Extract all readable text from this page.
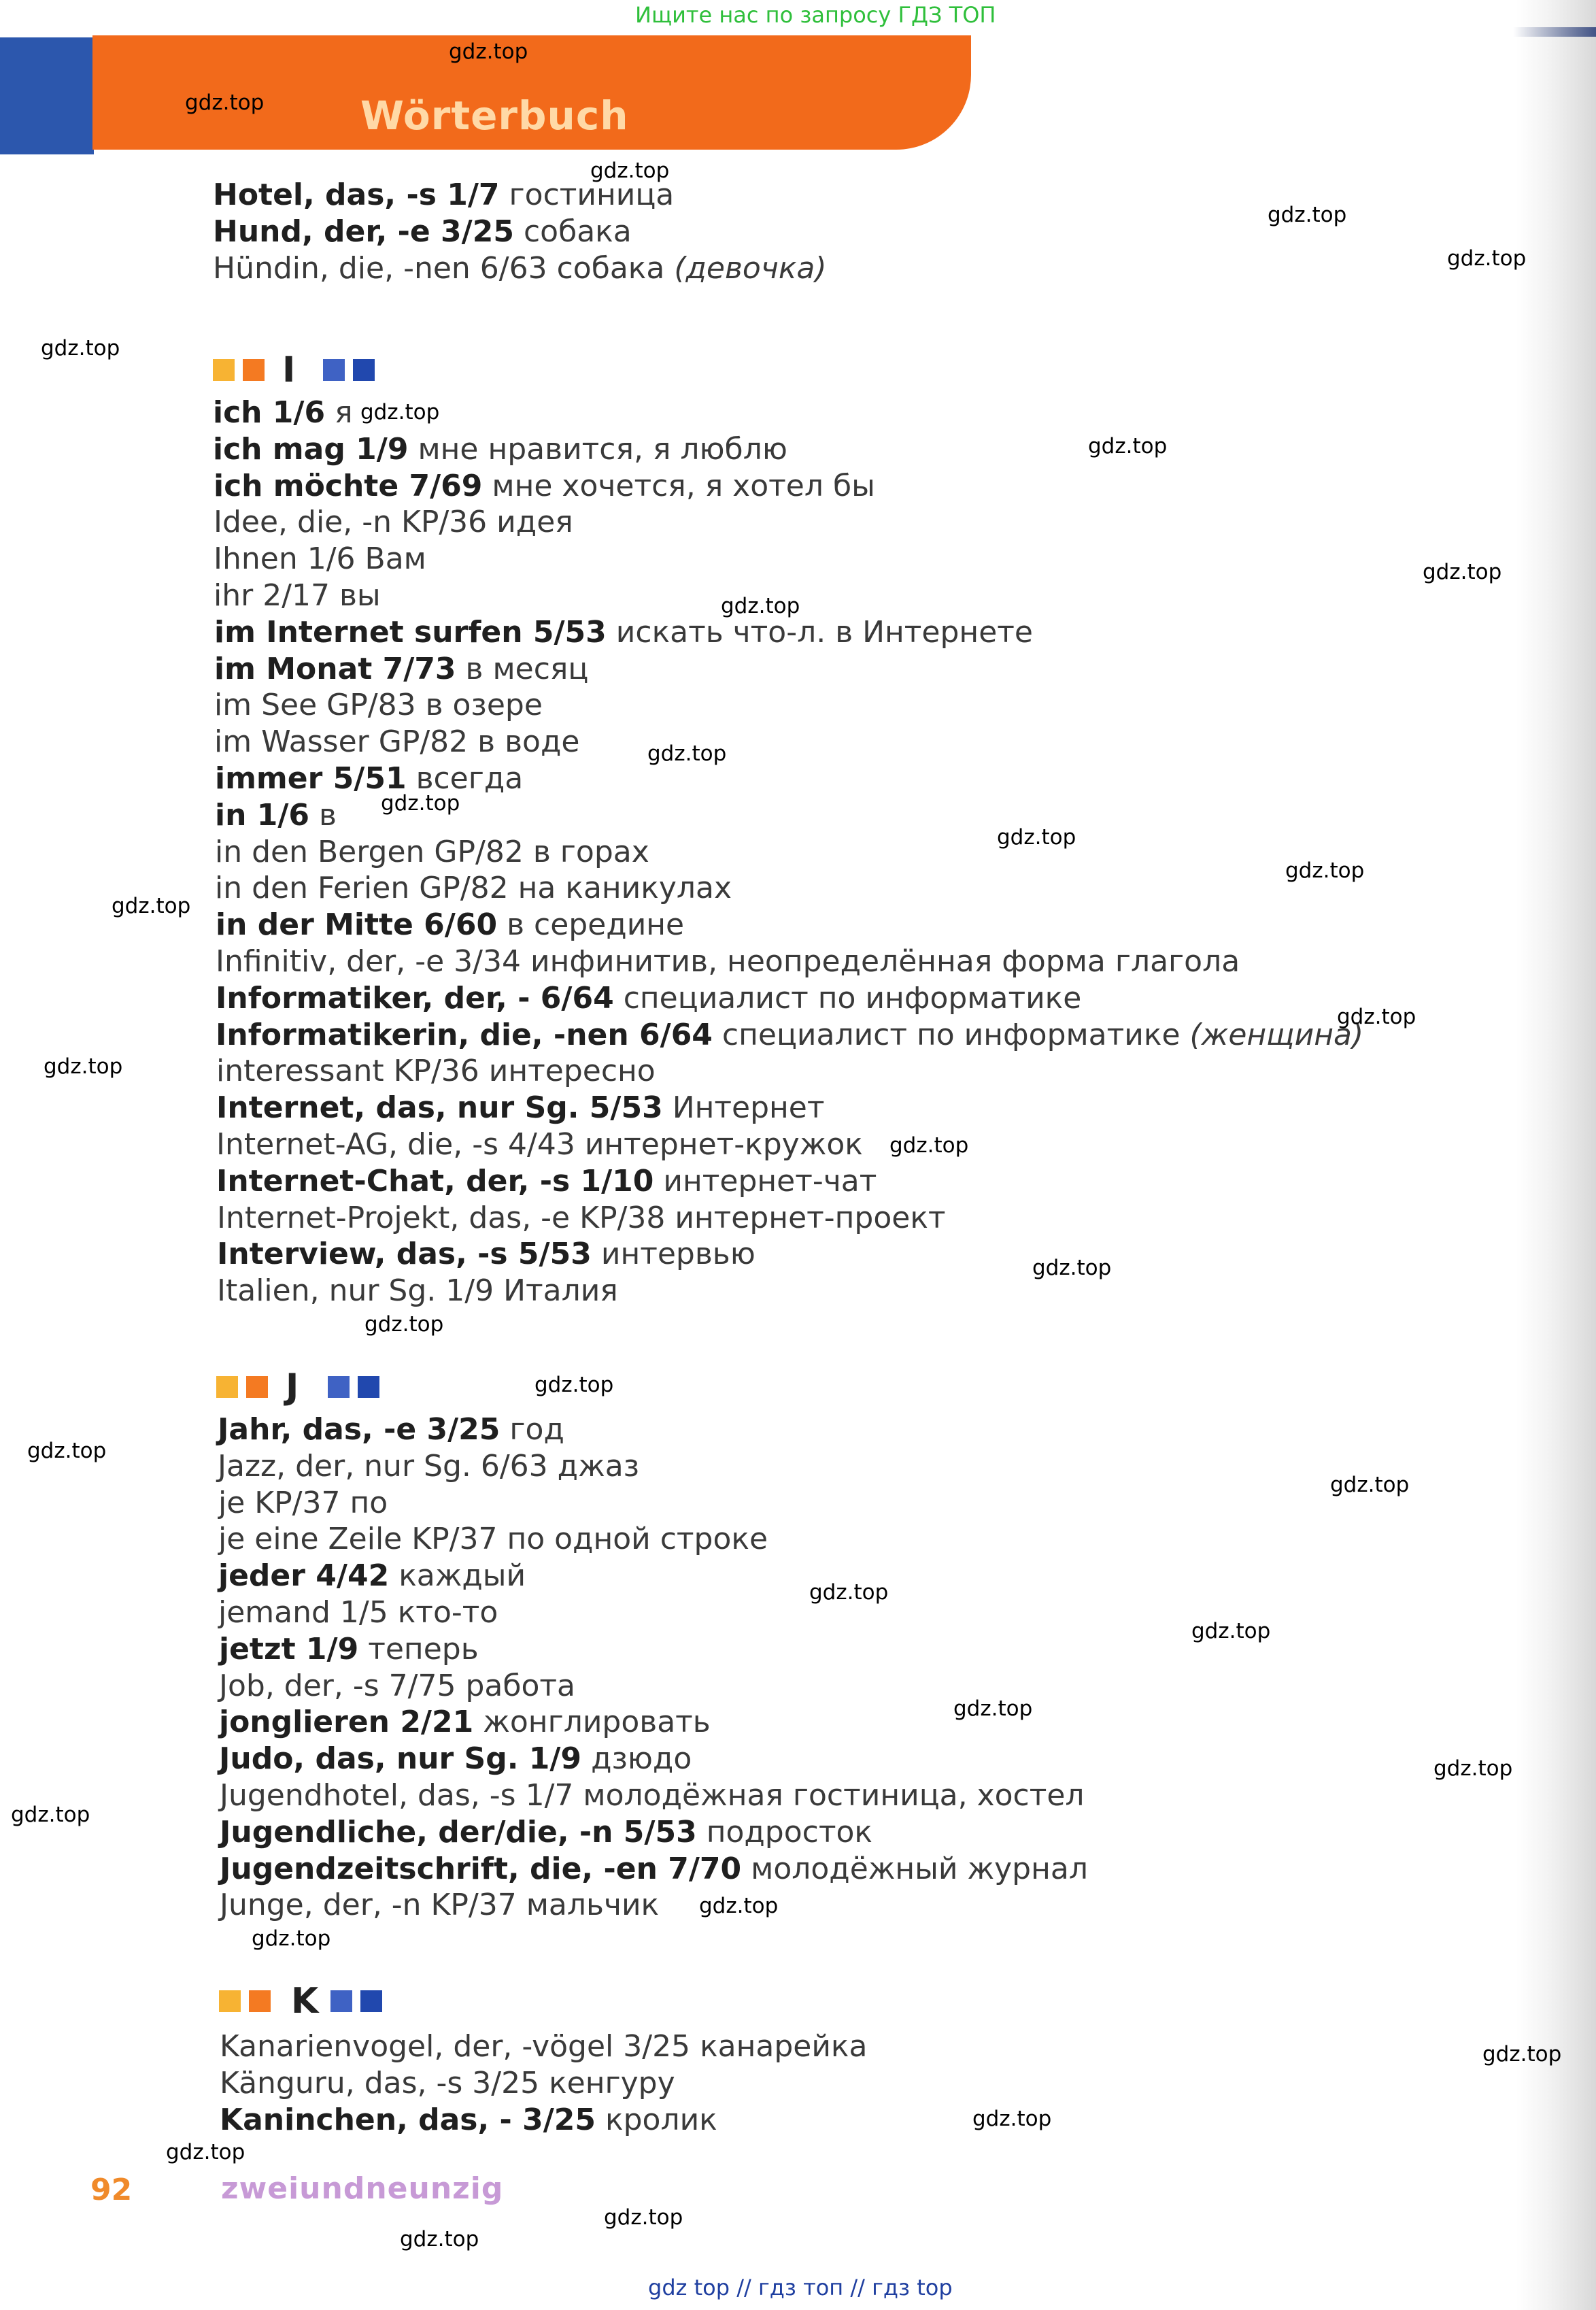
Ищите нас по запросу ГДЗ ТОП
Wörterbuch
Hotel, das, -s 1/7 гостиница
Hund, der, -e 3/25 собака
Hündin, die, -nen 6/63 собака (девочка)
I
ich 1/6 я
ich mag 1/9 мне нравится, я люблю
ich möchte 7/69 мне хочется, я хотел бы
Idee, die, -n KP/36 идея
Ihnen 1/6 Вам
ihr 2/17 вы
im Internet surfen 5/53 искать что-л. в Интернете
im Monat 7/73 в месяц
im See GP/83 в озере
im Wasser GP/82 в воде
immer 5/51 всегда
in 1/6 в
in den Bergen GP/82 в горах
in den Ferien GP/82 на каникулах
in der Mitte 6/60 в середине
Infinitiv, der, -e 3/34 инфинитив, неопределённая форма глагола
Informatiker, der, - 6/64 специалист по информатике
Informatikerin, die, -nen 6/64 специалист по информатике (женщина)
interessant KP/36 интересно
Internet, das, nur Sg. 5/53 Интернет
Internet-AG, die, -s 4/43 интернет-кружок
Internet-Chat, der, -s 1/10 интернет-чат
Internet-Projekt, das, -e KP/38 интернет-проект
Interview, das, -s 5/53 интервью
Italien, nur Sg. 1/9 Италия
J
Jahr, das, -e 3/25 год
Jazz, der, nur Sg. 6/63 джаз
je KP/37 по
je eine Zeile KP/37 по одной строке
jeder 4/42 каждый
jemand 1/5 кто-то
jetzt 1/9 теперь
Job, der, -s 7/75 работа
jonglieren 2/21 жонглировать
Judo, das, nur Sg. 1/9 дзюдо
Jugendhotel, das, -s 1/7 молодёжная гостиница, хостел
Jugendliche, der/die, -n 5/53 подросток
Jugendzeitschrift, die, -en 7/70 молодёжный журнал
Junge, der, -n KP/37 мальчик
K
Kanarienvogel, der, -vögel 3/25 канарейка
Känguru, das, -s 3/25 кенгуру
Kaninchen, das, - 3/25 кролик
92	zweiundneunzig
gdz.top
gdz.top
gdz.top
gdz.top
gdz.top
gdz.top
gdz.top
gdz.top
gdz.top
gdz.top
gdz.top
gdz.top
gdz.top
gdz.top
gdz.top
gdz.top
gdz.top
gdz.top
gdz.top
gdz.top
gdz.top
gdz.top
gdz.top
gdz.top
gdz.top
gdz.top
gdz.top
gdz.top
gdz.top
gdz.top
gdz.top
gdz.top
gdz.top
gdz.top
gdz.top
gdz top // гдз топ // гдз top
